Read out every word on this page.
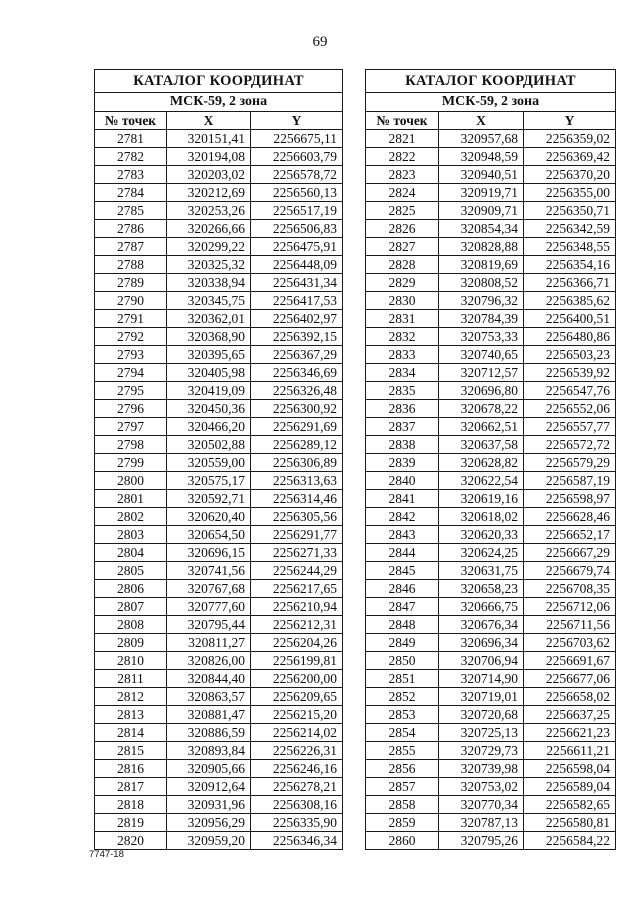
69
КАТАЛОГ КООРДИНАТ		
МСК-59, 2 зона		
№ точек	X	Y
2781	320151,41	2256675,11
2782	320194,08	2256603,79
2783	320203,02	2256578,72
2784	320212,69	2256560,13
2785	320253,26	2256517,19
2786	320266,66	2256506,83
2787	320299,22	2256475,91
2788	320325,32	2256448,09
2789	320338,94	2256431,34
2790	320345,75	2256417,53
2791	320362,01	2256402,97
2792	320368,90	2256392,15
2793	320395,65	2256367,29
2794	320405,98	2256346,69
2795	320419,09	2256326,48
2796	320450,36	2256300,92
2797	320466,20	2256291,69
2798	320502,88	2256289,12
2799	320559,00	2256306,89
2800	320575,17	2256313,63
2801	320592,71	2256314,46
2802	320620,40	2256305,56
2803	320654,50	2256291,77
2804	320696,15	2256271,33
2805	320741,56	2256244,29
2806	320767,68	2256217,65
2807	320777,60	2256210,94
2808	320795,44	2256212,31
2809	320811,27	2256204,26
2810	320826,00	2256199,81
2811	320844,40	2256200,00
2812	320863,57	2256209,65
2813	320881,47	2256215,20
2814	320886,59	2256214,02
2815	320893,84	2256226,31
2816	320905,66	2256246,16
2817	320912,64	2256278,21
2818	320931,96	2256308,16
2819	320956,29	2256335,90
2820	320959,20	2256346,34
КАТАЛОГ КООРДИНАТ		
МСК-59, 2 зона		
№ точек	X	Y
2821	320957,68	2256359,02
2822	320948,59	2256369,42
2823	320940,51	2256370,20
2824	320919,71	2256355,00
2825	320909,71	2256350,71
2826	320854,34	2256342,59
2827	320828,88	2256348,55
2828	320819,69	2256354,16
2829	320808,52	2256366,71
2830	320796,32	2256385,62
2831	320784,39	2256400,51
2832	320753,33	2256480,86
2833	320740,65	2256503,23
2834	320712,57	2256539,92
2835	320696,80	2256547,76
2836	320678,22	2256552,06
2837	320662,51	2256557,77
2838	320637,58	2256572,72
2839	320628,82	2256579,29
2840	320622,54	2256587,19
2841	320619,16	2256598,97
2842	320618,02	2256628,46
2843	320620,33	2256652,17
2844	320624,25	2256667,29
2845	320631,75	2256679,74
2846	320658,23	2256708,35
2847	320666,75	2256712,06
2848	320676,34	2256711,56
2849	320696,34	2256703,62
2850	320706,94	2256691,67
2851	320714,90	2256677,06
2852	320719,01	2256658,02
2853	320720,68	2256637,25
2854	320725,13	2256621,23
2855	320729,73	2256611,21
2856	320739,98	2256598,04
2857	320753,02	2256589,04
2858	320770,34	2256582,65
2859	320787,13	2256580,81
2860	320795,26	2256584,22
7747-18
